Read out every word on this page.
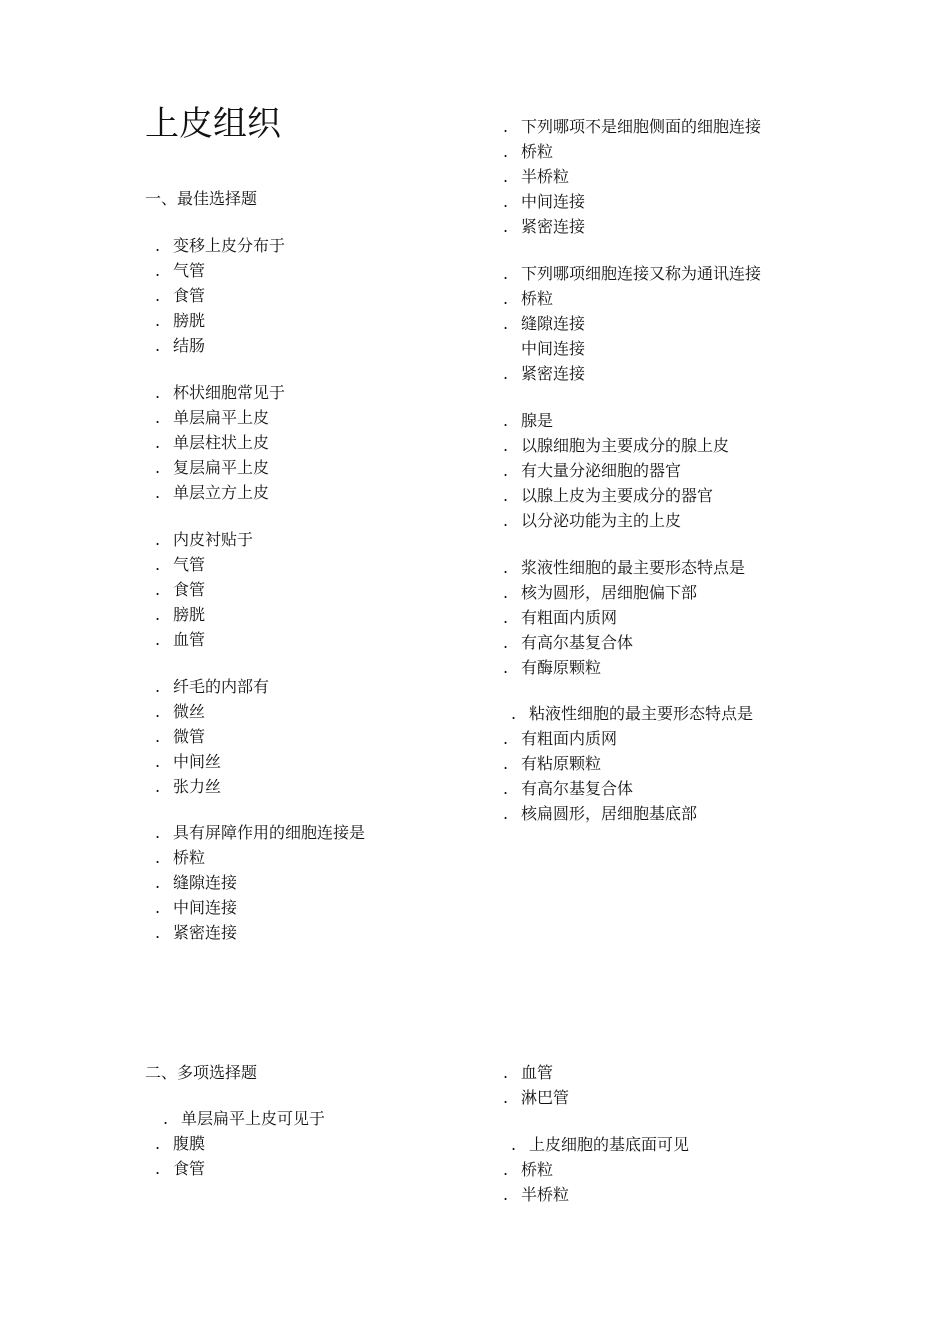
上皮组织
一、最佳选择题
二、多项选择题
. 变移上皮分布于
. 气管
. 食管
. 膀胱
. 结肠
. 杯状细胞常见于
. 单层扁平上皮
. 单层柱状上皮
. 复层扁平上皮
. 单层立方上皮
. 内皮衬贴于
. 气管
. 食管
. 膀胱
. 血管
. 纤毛的内部有
. 微丝
. 微管
. 中间丝
. 张力丝
. 具有屏障作用的细胞连接是
. 桥粒
. 缝隙连接
. 中间连接
. 紧密连接
. 下列哪项不是细胞侧面的细胞连接
. 桥粒
. 半桥粒
. 中间连接
. 紧密连接
. 下列哪项细胞连接又称为通讯连接
. 桥粒
. 缝隙连接
中间连接
. 紧密连接
. 腺是
. 以腺细胞为主要成分的腺上皮
. 有大量分泌细胞的器官
. 以腺上皮为主要成分的器官
. 以分泌功能为主的上皮
. 浆液性细胞的最主要形态特点是
. 核为圆形，居细胞偏下部
. 有粗面内质网
. 有高尔基复合体
. 有酶原颗粒
. 粘液性细胞的最主要形态特点是
. 有粗面内质网
. 有粘原颗粒
. 有高尔基复合体
. 核扁圆形，居细胞基底部
. 单层扁平上皮可见于
. 腹膜
. 食管
. 血管
. 淋巴管
. 上皮细胞的基底面可见
. 桥粒
. 半桥粒
